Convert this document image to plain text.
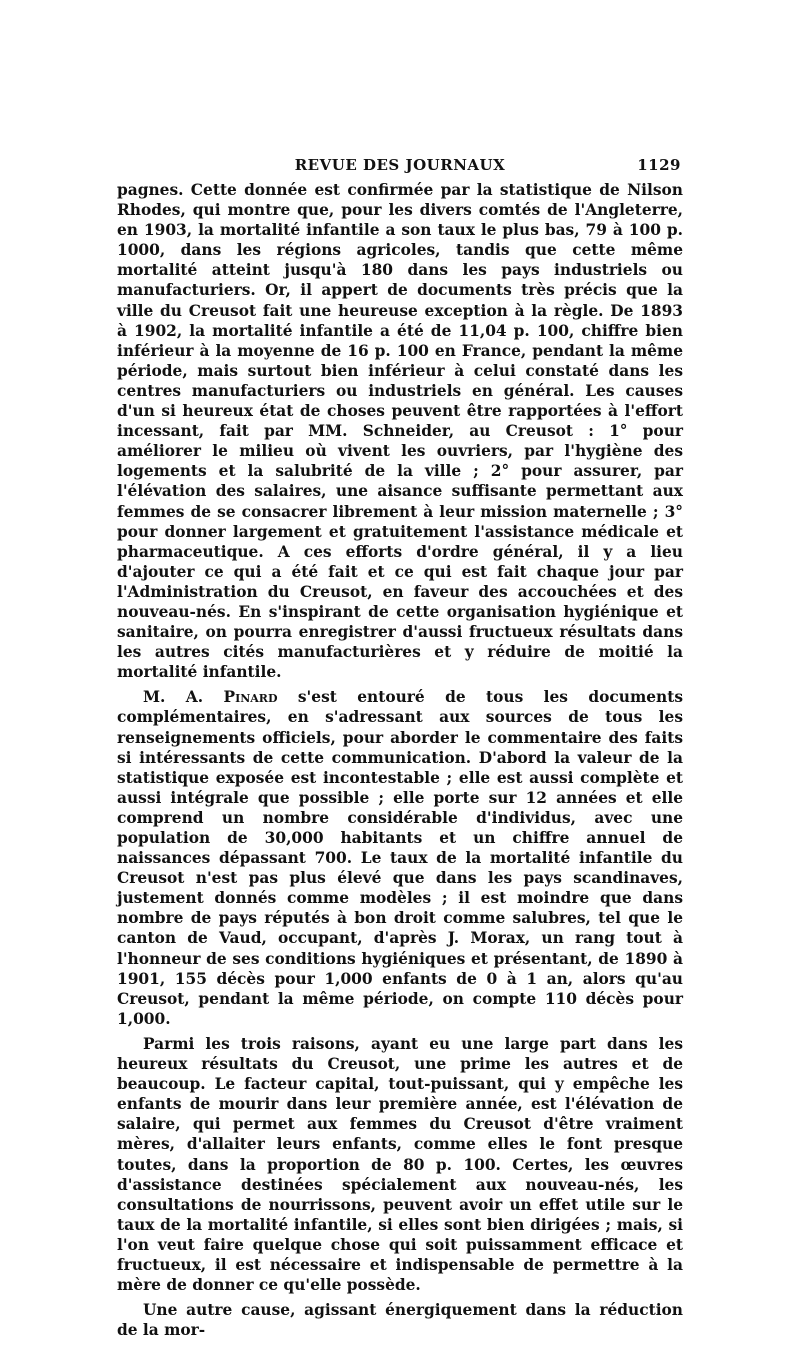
REVUE DES JOURNAUX	1129

pagnes. Cette donnée est confirmée par la statistique de Nilson Rhodes, qui montre que, pour les divers comtés de l'Angleterre, en 1903, la mortalité infantile a son taux le plus bas, 79 à 100 p. 1000, dans les régions agricoles, tandis que cette même mortalité atteint jusqu'à 180 dans les pays industriels ou manufacturiers. Or, il appert de documents très précis que la ville du Creusot fait une heureuse exception à la règle. De 1893 à 1902, la mortalité infantile a été de 11,04 p. 100, chiffre bien inférieur à la moyenne de 16 p. 100 en France, pendant la même période, mais surtout bien inférieur à celui constaté dans les centres manufacturiers ou industriels en général. Les causes d'un si heureux état de choses peuvent être rapportées à l'effort incessant, fait par MM. Schneider, au Creusot : 1° pour améliorer le milieu où vivent les ouvriers, par l'hygiène des logements et la salubrité de la ville ; 2° pour assurer, par l'élévation des salaires, une aisance suffisante permettant aux femmes de se consacrer librement à leur mission maternelle ; 3° pour donner largement et gratuitement l'assistance médicale et pharmaceutique. A ces efforts d'ordre général, il y a lieu d'ajouter ce qui a été fait et ce qui est fait chaque jour par l'Administration du Creusot, en faveur des accouchées et des nouveau-nés. En s'inspirant de cette organisation hygiénique et sanitaire, on pourra enregistrer d'aussi fructueux résultats dans les autres cités manufacturières et y réduire de moitié la mortalité infantile.

M. A. Pinard s'est entouré de tous les documents complémentaires, en s'adressant aux sources de tous les renseignements officiels, pour aborder le commentaire des faits si intéressants de cette communication. D'abord la valeur de la statistique exposée est incontestable ; elle est aussi complète et aussi intégrale que possible ; elle porte sur 12 années et elle comprend un nombre considérable d'individus, avec une population de 30,000 habitants et un chiffre annuel de naissances dépassant 700. Le taux de la mortalité infantile du Creusot n'est pas plus élevé que dans les pays scandinaves, justement donnés comme modèles ; il est moindre que dans nombre de pays réputés à bon droit comme salubres, tel que le canton de Vaud, occupant, d'après J. Morax, un rang tout à l'honneur de ses conditions hygiéniques et présentant, de 1890 à 1901, 155 décès pour 1,000 enfants de 0 à 1 an, alors qu'au Creusot, pendant la même période, on compte 110 décès pour 1,000.

Parmi les trois raisons, ayant eu une large part dans les heureux résultats du Creusot, une prime les autres et de beaucoup. Le facteur capital, tout-puissant, qui y empêche les enfants de mourir dans leur première année, est l'élévation de salaire, qui permet aux femmes du Creusot d'être vraiment mères, d'allaiter leurs enfants, comme elles le font presque toutes, dans la proportion de 80 p. 100. Certes, les œuvres d'assistance destinées spécialement aux nouveau-nés, les consultations de nourrissons, peuvent avoir un effet utile sur le taux de la mortalité infantile, si elles sont bien dirigées ; mais, si l'on veut faire quelque chose qui soit puissamment efficace et fructueux, il est nécessaire et indispensable de permettre à la mère de donner ce qu'elle possède.

Une autre cause, agissant énergiquement dans la réduction de la mor-
